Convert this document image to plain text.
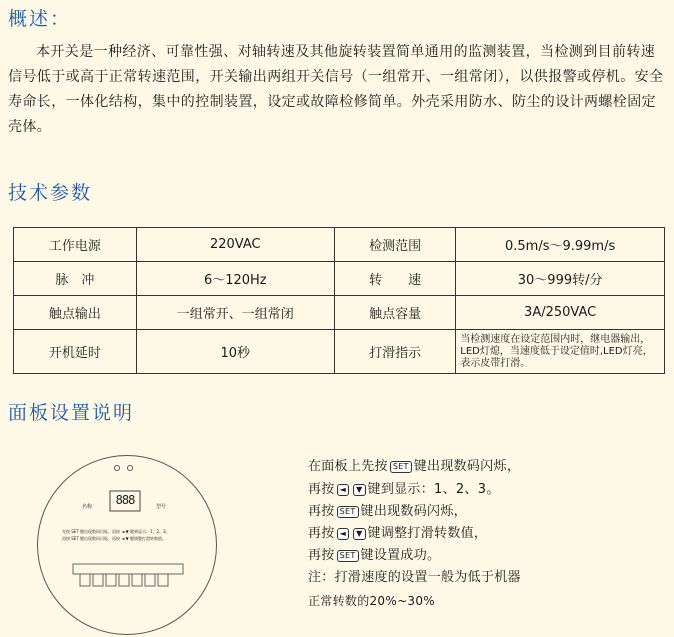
概述：
本开关是一种经济、可靠性强、对轴转速及其他旋转装置简单通用的监测装置，当检测到目前转速信号低于或高于正常转速范围，开关输出两组开关信号（一组常开、一组常闭），以供报警或停机。安全寿命长，一体化结构，集中的控制装置，设定或故障检修简单。外壳采用防水、防尘的设计两螺栓固定壳体。
技术参数
工作电源	220VAC	检测范围	0.5m/s～9.99m/s
脉　冲	6～120Hz	转　　速	30～999转/分
触点输出	一组常开、一组常闭	触点容量	3A/250VAC
开机延时	10秒	打滑指示	当检测速度在设定范围内时，继电器输出，LED灯熄，当速度低于设定值时,LED灯亮，表示皮带打滑。
面板设置说明
名称	型号
888
先按 SET 键出现数码闪烁，再按 ◄ ▼ 键到显示：1、2、3。
再按 SET 键出现数码闪烁，再按 ◄ ▼ 键调整打滑转数值。
在面板上先按 SET 键出现数码闪烁，
再按 ◄ ▼ 键到显示：1、2、3。
再按 SET 键出现数码闪烁，
再按 ◄ ▼ 键调整打滑转数值，
再按 SET 键设置成功。
注：打滑速度的设置一般为低于机器
正常转数的20%~30%
